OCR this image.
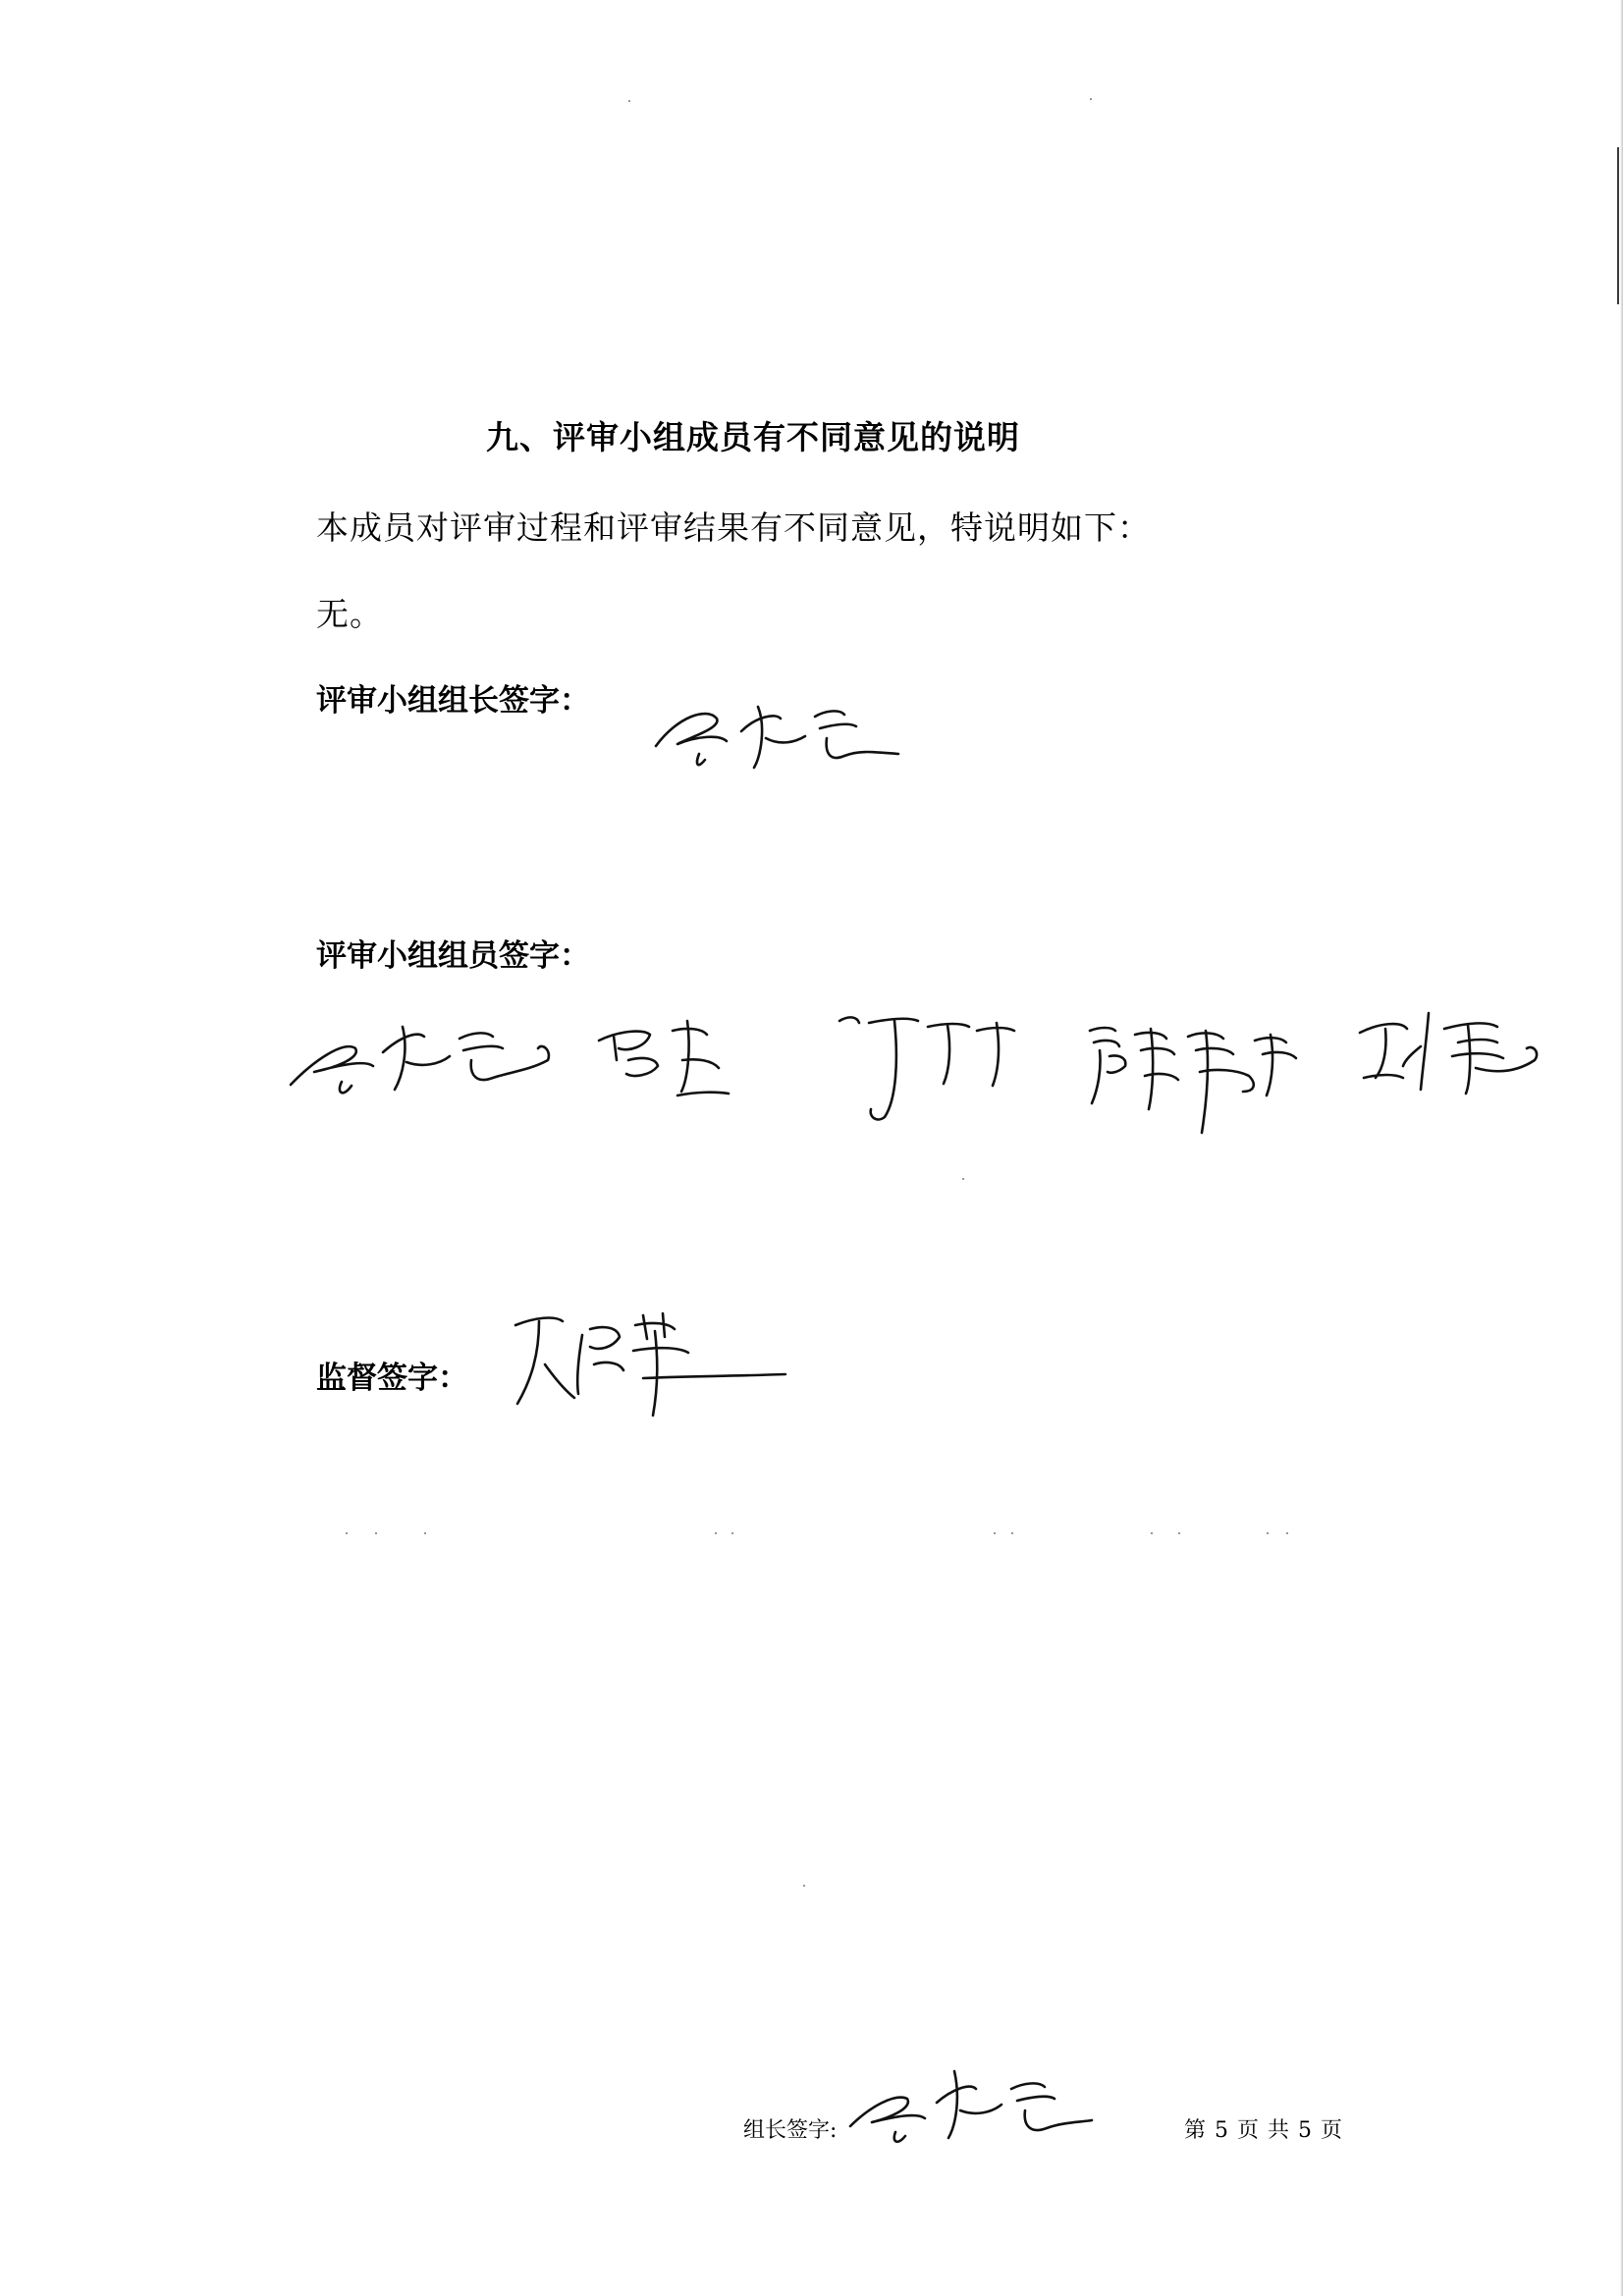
九、评审小组成员有不同意见的说明
本成员对评审过程和评审结果有不同意见，特说明如下：
无。
评审小组组长签字：
评审小组组员签字：
监督签字：
组长签字:	第 5 页 共 5 页
